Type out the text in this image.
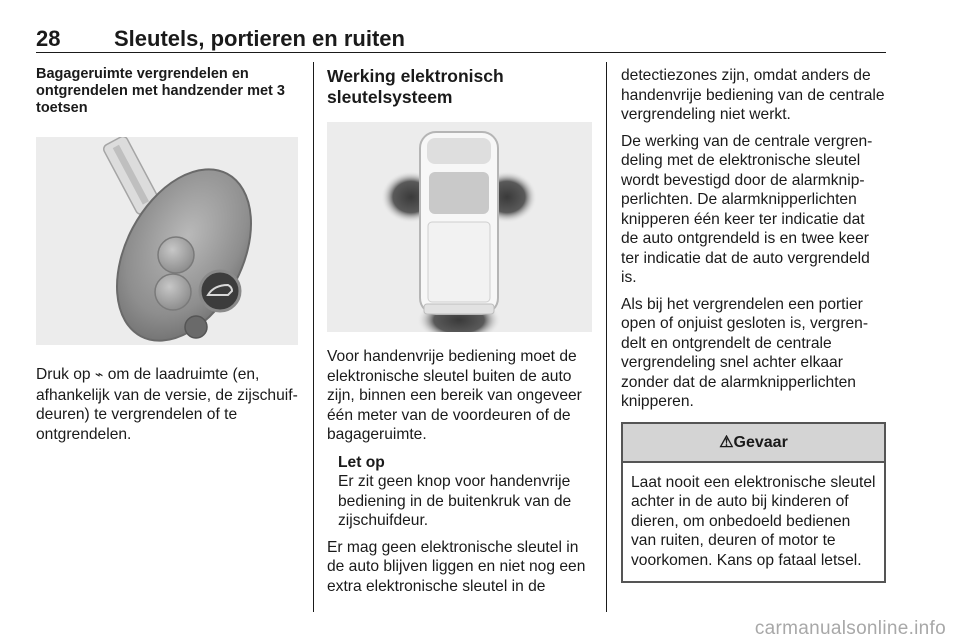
28 Sleutels, portieren en ruiten
Bagageruimte vergrendelen en ontgrendelen met handzender met 3 toetsen

Druk op ⌁ om de laadruimte (en, afhankelijk van de versie, de zijschuifdeuren) te vergrendelen of te ontgrendelen.

Werking elektronisch sleutelsysteem

Voor handenvrije bediening moet de elektronische sleutel buiten de auto zijn, binnen een bereik van ongeveer één meter van de voordeuren of de bagageruimte.

Let op
Er zit geen knop voor handenvrije bediening in de buitenkruk van de zijschuifdeur.

Er mag geen elektronische sleutel in de auto blijven liggen en niet nog een extra elektronische sleutel in de

detectiezones zijn, omdat anders de handenvrije bediening van de centrale vergrendeling niet werkt.

De werking van de centrale vergrendeling met de elektronische sleutel wordt bevestigd door de alarmknipperlichten. De alarmknipperlichten knipperen één keer ter indicatie dat de auto ontgrendeld is en twee keer ter indicatie dat de auto vergrendeld is.

Als bij het vergrendelen een portier open of onjuist gesloten is, vergrendelt en ontgrendelt de centrale vergrendeling snel achter elkaar zonder dat de alarmknipperlichten knipperen.

⚠Gevaar
Laat nooit een elektronische sleutel achter in de auto bij kinderen of dieren, om onbedoeld bedienen van ruiten, deuren of motor te voorkomen. Kans op fataal letsel.
carmanualsonline.info
